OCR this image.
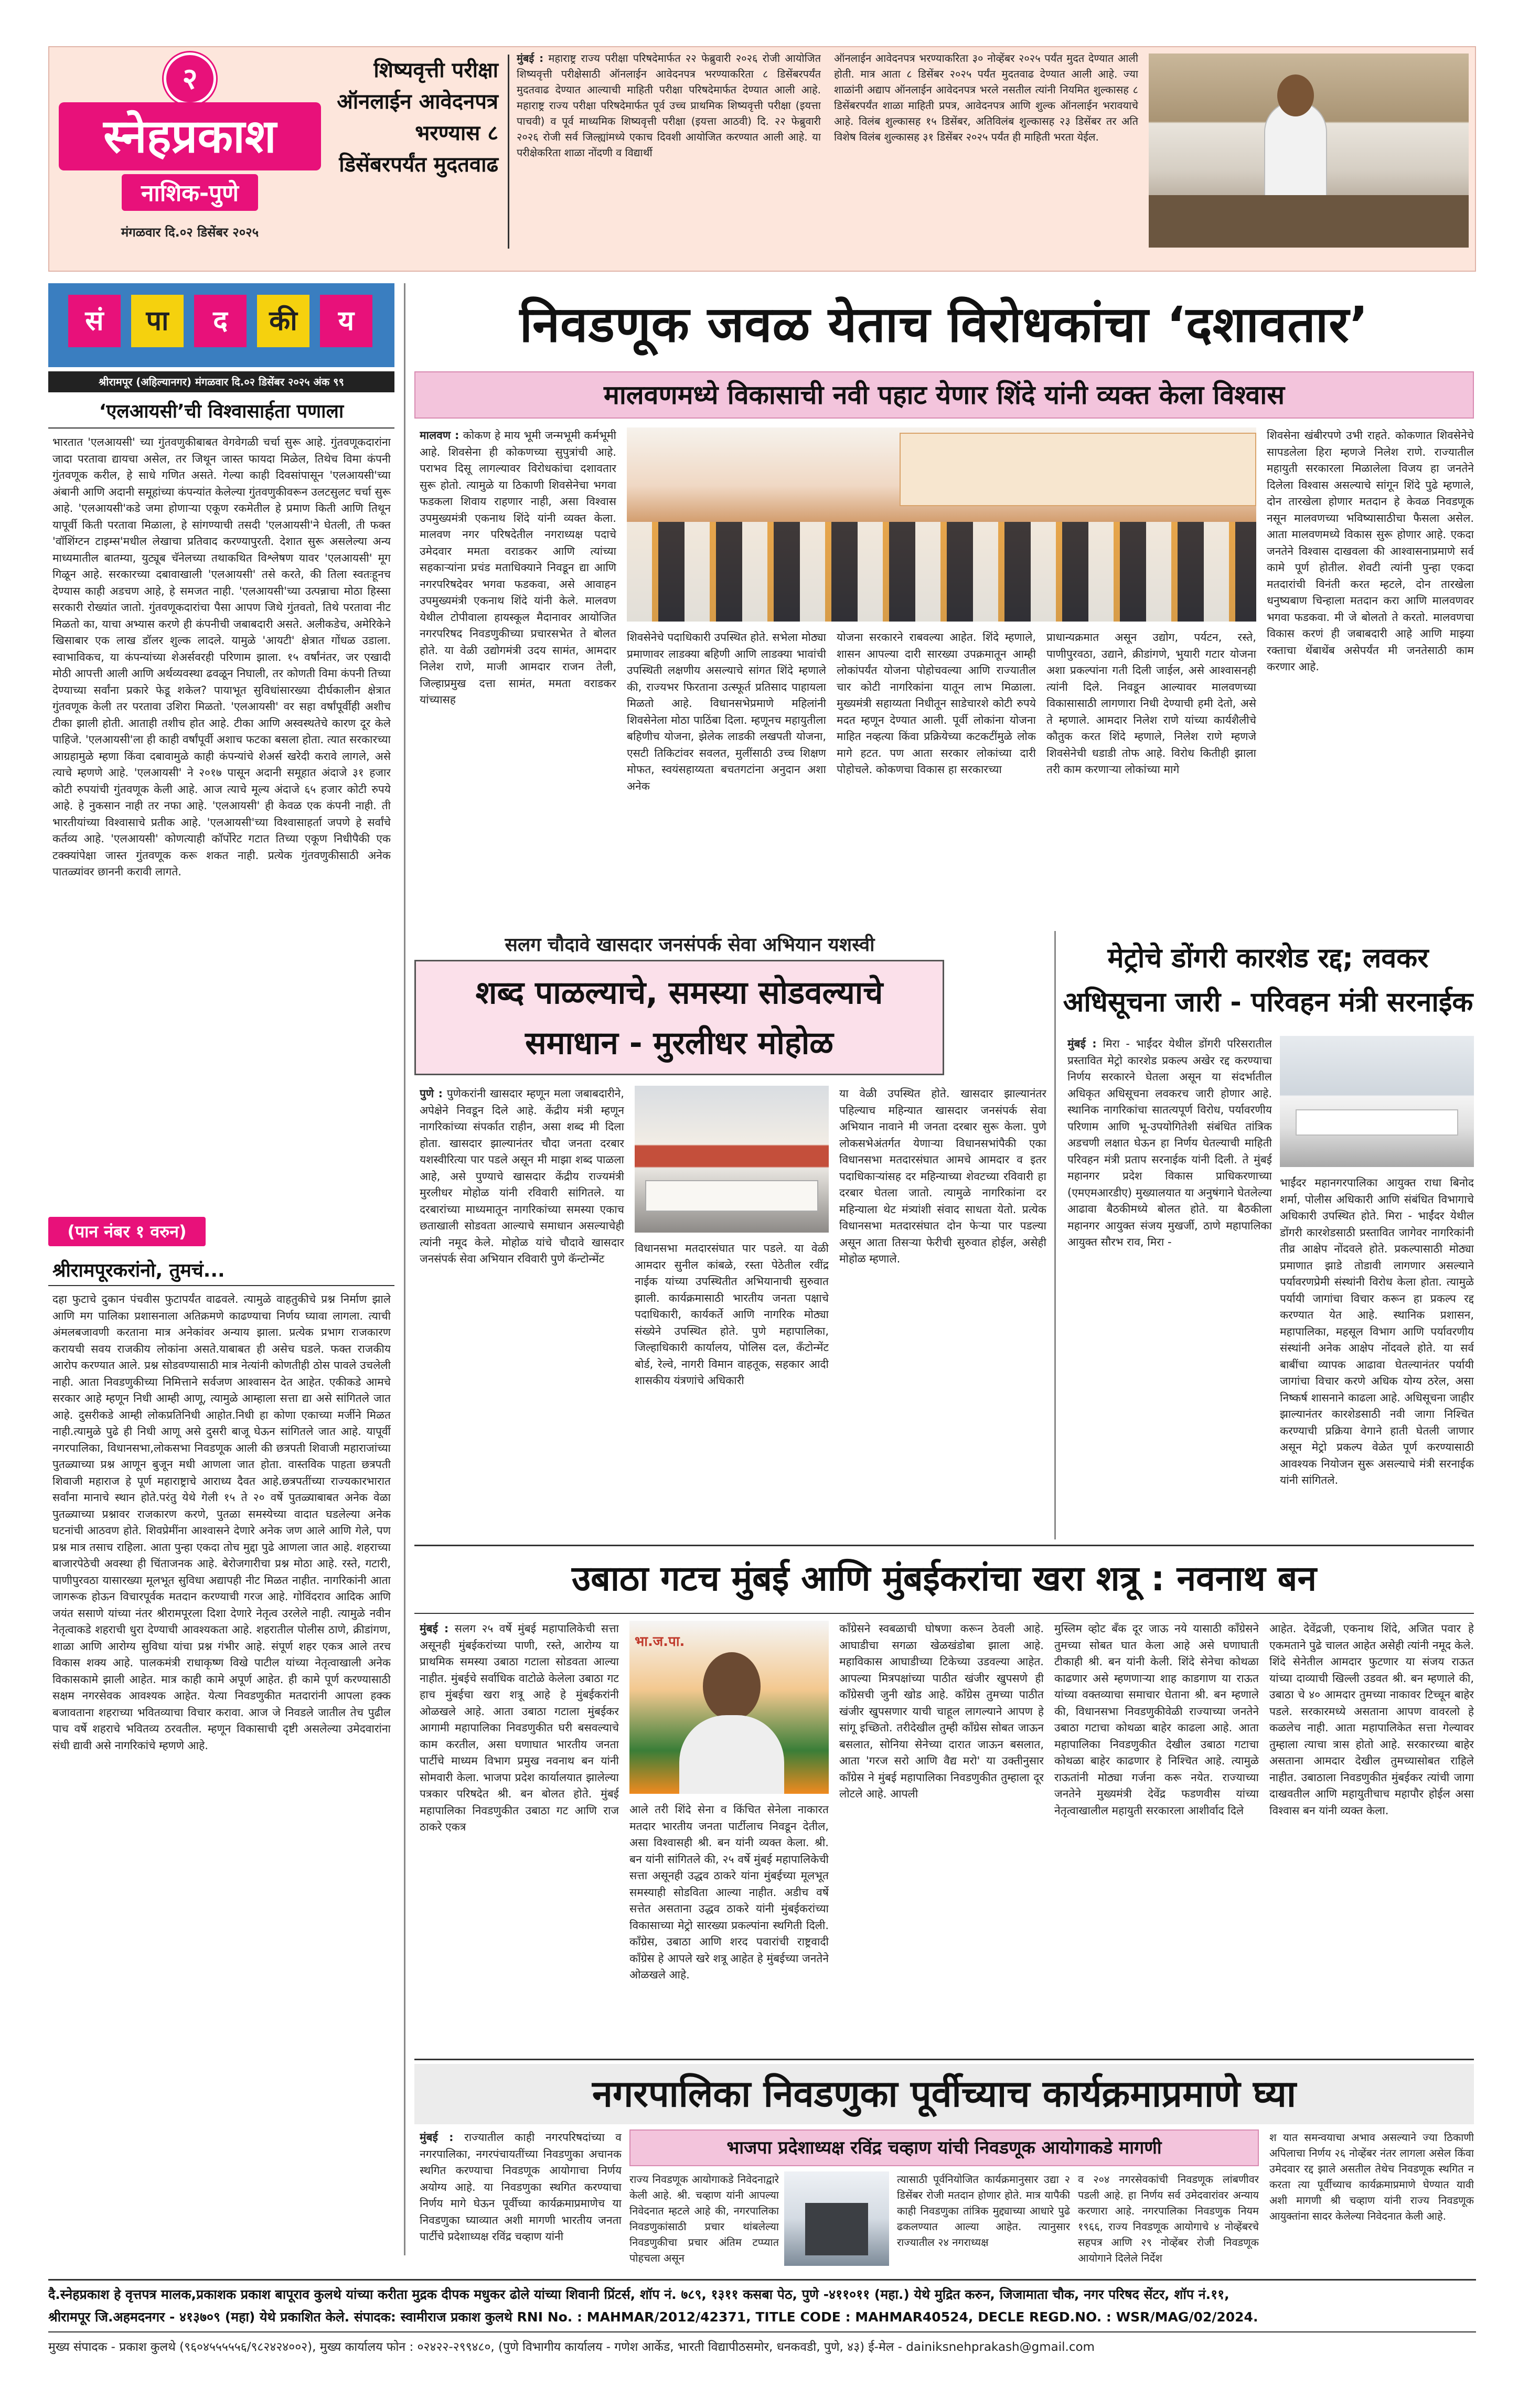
२
स्नेहप्रकाश
नाशिक-पुणे
मंगळवार दि.०२ डिसेंबर २०२५
शिष्यवृत्ती परीक्षा ऑनलाईन आवेदनपत्र भरण्यास ८ डिसेंबरपर्यंत मुदतवाढ
मुंबई : महाराष्ट्र राज्य परीक्षा परिषदेमार्फत २२ फेब्रुवारी २०२६ रोजी आयोजित शिष्यवृत्ती परीक्षेसाठी ऑनलाईन आवेदनपत्र भरण्याकरिता ८ डिसेंबरपर्यंत मुदतवाढ देण्यात आल्याची माहिती परीक्षा परिषदेमार्फत देण्यात आली आहे. महाराष्ट्र राज्य परीक्षा परिषदेमार्फत पूर्व उच्च प्राथमिक शिष्यवृत्ती परीक्षा (इयत्ता पाचवी) व पूर्व माध्यमिक शिष्यवृत्ती परीक्षा (इयत्ता आठवी) दि. २२ फेब्रुवारी २०२६ रोजी सर्व जिल्ह्यांमध्ये एकाच दिवशी आयोजित करण्यात आली आहे. या परीक्षेकरिता शाळा नोंदणी व विद्यार्थी
ऑनलाईन आवेदनपत्र भरण्याकरिता ३० नोव्हेंबर २०२५ पर्यंत मुदत देण्यात आली होती. मात्र आता ८ डिसेंबर २०२५ पर्यंत मुदतवाढ देण्यात आली आहे. ज्या शाळांनी अद्याप ऑनलाईन आवेदनपत्र भरले नसतील त्यांनी नियमित शुल्कासह ८ डिसेंबरपर्यंत शाळा माहिती प्रपत्र, आवेदनपत्र आणि शुल्क ऑनलाईन भरावयाचे आहे. विलंब शुल्कासह १५ डिसेंबर, अतिविलंब शुल्कासह २३ डिसेंबर तर अति विशेष विलंब शुल्कासह ३१ डिसेंबर २०२५ पर्यंत ही माहिती भरता येईल.
सं	पा	द	की	य
श्रीरामपूर (अहिल्यानगर) मंगळवार दि.०२ डिसेंबर २०२५ अंक ९९
‘एलआयसी’ची विश्वासार्हता पणाला
भारतात 'एलआयसी' च्या गुंतवणुकीबाबत वेगवेगळी चर्चा सुरू आहे. गुंतवणूकदारांना जादा परतावा द्यायचा असेल, तर जिथून जास्त फायदा मिळेल, तिथेच विमा कंपनी गुंतवणूक करील, हे साधे गणित असते. गेल्या काही दिवसांपासून 'एलआयसी'च्या अंबानी आणि अदानी समूहांच्या कंपन्यांत केलेल्या गुंतवणुकीवरून उलटसुलट चर्चा सुरू आहे. 'एलआयसी'कडे जमा होणाऱ्या एकूण रकमेतील हे प्रमाण किती आणि तिथून यापूर्वी किती परतावा मिळाला, हे सांगण्याची तसदी 'एलआयसी'ने घेतली, ती फक्त 'वॉशिंग्टन टाइम्स'मधील लेखाचा प्रतिवाद करण्यापुरती. देशात सुरू असलेल्या अन्य माध्यमातील बातम्या, युट्यूब चॅनेलच्या तथाकथित विश्लेषण यावर 'एलआयसी' मूग गिळून आहे. सरकारच्या दबावाखाली 'एलआयसी' तसे करते, की तिला स्वतःहूनच देण्यास काही अडचण आहे, हे समजत नाही. 'एलआयसी'च्या उत्पन्नाचा मोठा हिस्सा सरकारी रोख्यांत जातो. गुंतवणूकदारांचा पैसा आपण जिथे गुंतवतो, तिथे परतावा नीट मिळतो का, याचा अभ्यास करणे ही कंपनीची जबाबदारी असते. अलीकडेच, अमेरिकेने खिसाबार एक लाख डॉलर शुल्क लादले. यामुळे 'आयटी' क्षेत्रात गोंधळ उडाला. स्वाभाविकच, या कंपन्यांच्या शेअर्सवरही परिणाम झाला. १५ वर्षांनंतर, जर एखादी मोठी आपत्ती आली आणि अर्थव्यवस्था ढवळून निघाली, तर कोणती विमा कंपनी तिच्या देण्याच्या सर्वांना प्रकारे फेडू शकेल? पायाभूत सुविधांसारख्या दीर्घकालीन क्षेत्रात गुंतवणूक केली तर परतावा उशिरा मिळतो. 'एलआयसी' वर सहा वर्षांपूर्वीही अशीच टीका झाली होती. आताही तशीच होत आहे. टीका आणि अस्वस्थतेचे कारण दूर केले पाहिजे. 'एलआयसी'ला ही काही वर्षांपूर्वी अशाच फटका बसला होता. त्यात सरकारच्या आग्रहामुळे म्हणा किंवा दबावामुळे काही कंपन्यांचे शेअर्स खरेदी करावे लागले, असे त्याचे म्हणणे आहे. 'एलआयसी' ने २०१७ पासून अदानी समूहात अंदाजे ३१ हजार कोटी रुपयांची गुंतवणूक केली आहे. आज त्याचे मूल्य अंदाजे ६५ हजार कोटी रुपये आहे. हे नुकसान नाही तर नफा आहे. 'एलआयसी' ही केवळ एक कंपनी नाही. ती भारतीयांच्या विश्वासाचे प्रतीक आहे. 'एलआयसी'च्या विश्वासाहर्ता जपणे हे सर्वांचे कर्तव्य आहे. 'एलआयसी' कोणत्याही कॉर्पोरेट गटात तिच्या एकूण निधीपैकी एक टक्क्यांपेक्षा जास्त गुंतवणूक करू शकत नाही. प्रत्येक गुंतवणुकीसाठी अनेक पातळ्यांवर छाननी करावी लागते.
(पान नंबर १ वरुन)
श्रीरामपूरकरांनो, तुमचं...
दहा फुटाचे दुकान पंचवीस फुटापर्यंत वाढवले. त्यामुळे वाहतुकीचे प्रश्न निर्माण झाले आणि मग पालिका प्रशासनाला अतिक्रमणे काढण्याचा निर्णय घ्यावा लागला. त्याची अंमलबजावणी करताना मात्र अनेकांवर अन्याय झाला. प्रत्येक प्रभाग राजकारण करायची सवय राजकीय लोकांना असते.याबाबत ही असेच घडले. फक्त राजकीय आरोप करण्यात आले. प्रश्न सोडवण्यासाठी मात्र नेत्यांनी कोणतीही ठोस पावले उचलेली नाही. आता निवडणुकीच्या निमित्ताने सर्वजण आश्वासन देत आहेत. एकीकडे आमचे सरकार आहे म्हणून निधी आम्ही आणू, त्यामुळे आम्हाला सत्ता द्या असे सांगितले जात आहे. दुसरीकडे आम्ही लोकप्रतिनिधी आहोत.निधी हा कोणा एकाच्या मर्जीने मिळत नाही.त्यामुळे पुढे ही निधी आणू असे दुसरी बाजू घेऊन सांगितले जात आहे. यापूर्वी नगरपालिका, विधानसभा,लोकसभा निवडणूक आली की छत्रपती शिवाजी महाराजांच्या पुतळ्याच्या प्रश्न आणून बुजून मधी आणला जात होता. वास्तविक पाहता छत्रपती शिवाजी महाराज हे पूर्ण महाराष्ट्राचे आराध्य दैवत आहे.छत्रपतींच्या राज्यकारभारात सर्वांना मानाचे स्थान होते.परंतु येथे गेली १५ ते २० वर्षे पुतळ्याबाबत अनेक वेळा पुतळ्याच्या प्रश्नावर राजकारण करणे, पुतळा समस्येच्या वादात घडलेल्या अनेक घटनांची आठवण होते. शिवप्रेमींना आश्वासने देणारे अनेक जण आले आणि गेले, पण प्रश्न मात्र तसाच राहिला. आता पुन्हा एकदा तोच मुद्दा पुढे आणला जात आहे. शहराच्या बाजारपेठेची अवस्था ही चिंताजनक आहे. बेरोजगारीचा प्रश्न मोठा आहे. रस्ते, गटारी, पाणीपुरवठा यासारख्या मूलभूत सुविधा अद्यापही नीट मिळत नाहीत. नागरिकांनी आता जागरूक होऊन विचारपूर्वक मतदान करण्याची गरज आहे. गोविंदराव आदिक आणि जयंत ससाणे यांच्या नंतर श्रीरामपूरला दिशा देणारे नेतृत्व उरलेले नाही. त्यामुळे नवीन नेतृत्वाकडे शहराची धुरा देण्याची आवश्यकता आहे. शहरातील पोलीस ठाणे, क्रीडांगण, शाळा आणि आरोग्य सुविधा यांचा प्रश्न गंभीर आहे. संपूर्ण शहर एकत्र आले तरच विकास शक्य आहे. पालकमंत्री राधाकृष्ण विखे पाटील यांच्या नेतृत्वाखाली अनेक विकासकामे झाली आहेत. मात्र काही कामे अपूर्ण आहेत. ही कामे पूर्ण करण्यासाठी सक्षम नगरसेवक आवश्यक आहेत. येत्या निवडणुकीत मतदारांनी आपला हक्क बजावताना शहराच्या भवितव्याचा विचार करावा. आज जे निवडले जातील तेच पुढील पाच वर्षे शहराचे भवितव्य ठरवतील. म्हणून विकासाची दृष्टी असलेल्या उमेदवारांना संधी द्यावी असे नागरिकांचे म्हणणे आहे.
निवडणूक जवळ येताच विरोधकांचा ‘दशावतार’
मालवणमध्ये विकासाची नवी पहाट येणार शिंदे यांनी व्यक्त केला विश्वास
मालवण : कोकण हे माय भूमी जन्मभूमी कर्मभूमी आहे. शिवसेना ही कोकणच्या सुपुत्रांची आहे. पराभव दिसू लागल्यावर विरोधकांचा दशावतार सुरू होतो. त्यामुळे या ठिकाणी शिवसेनेचा भगवा फडकला शिवाय राहणार नाही, असा विश्वास उपमुख्यमंत्री एकनाथ शिंदे यांनी व्यक्त केला. मालवण नगर परिषदेतील नगराध्यक्ष पदाचे उमेदवार ममता वराडकर आणि त्यांच्या सहकाऱ्यांना प्रचंड मताधिक्याने निवडून द्या आणि नगरपरिषदेवर भगवा फडकवा, असे आवाहन उपमुख्यमंत्री एकनाथ शिंदे यांनी केले. मालवण येथील टोपीवाला हायस्कूल मैदानावर आयोजित नगरपरिषद निवडणुकीच्या प्रचारसभेत ते बोलत होते. या वेळी उद्योगमंत्री उदय सामंत, आमदार निलेश राणे, माजी आमदार राजन तेली, जिल्हाप्रमुख दत्ता सामंत, ममता वराडकर यांच्यासह
शिवसेनेचे पदाधिकारी उपस्थित होते. सभेला मोठ्या प्रमाणावर लाडक्या बहिणी आणि लाडक्या भावांची उपस्थिती लक्षणीय असल्याचे सांगत शिंदे म्हणाले की, राज्यभर फिरताना उत्स्फूर्त प्रतिसाद पाहायला मिळतो आहे. विधानसभेप्रमाणे महिलांनी शिवसेनेला मोठा पाठिंबा दिला. म्हणूनच महायुतीला बहिणीच योजना, झेलेक लाडकी लखपती योजना, एसटी तिकिटांवर सवलत, मुलींसाठी उच्च शिक्षण मोफत, स्वयंसहाय्यता बचतगटांना अनुदान अशा अनेक
योजना सरकारने राबवल्या आहेत. शिंदे म्हणाले, शासन आपल्या दारी सारख्या उपक्रमातून आम्ही लोकांपर्यंत योजना पोहोचवल्या आणि राज्यातील चार कोटी नागरिकांना यातून लाभ मिळाला. मुख्यमंत्री सहाय्यता निधीतून साडेचारशे कोटी रुपये मदत म्हणून देण्यात आली. पूर्वी लोकांना योजना माहित नव्हत्या किंवा प्रक्रियेच्या कटकटींमुळे लोक मागे हटत. पण आता सरकार लोकांच्या दारी पोहोचले. कोकणचा विकास हा सरकारच्या
प्राधान्यक्रमात असून उद्योग, पर्यटन, रस्ते, पाणीपुरवठा, उद्याने, क्रीडांगणे, भुयारी गटार योजना अशा प्रकल्पांना गती दिली जाईल, असे आश्वासनही त्यांनी दिले. निवडून आल्यावर मालवणच्या विकासासाठी लागणारा निधी देण्याची हमी देतो, असे ते म्हणाले. आमदार निलेश राणे यांच्या कार्यशैलीचे कौतुक करत शिंदे म्हणाले, निलेश राणे म्हणजे शिवसेनेची धडाडी तोफ आहे. विरोध कितीही झाला तरी काम करणाऱ्या लोकांच्या मागे
शिवसेना खंबीरपणे उभी राहते. कोकणात शिवसेनेचे सापडलेला हिरा म्हणजे निलेश राणे. राज्यातील महायुती सरकारला मिळालेला विजय हा जनतेने दिलेला विश्वास असल्याचे सांगून शिंदे पुढे म्हणाले, दोन तारखेला होणार मतदान हे केवळ निवडणूक नसून मालवणच्या भविष्यासाठीचा फैसला असेल. आता मालवणमध्ये विकास सुरू होणार आहे. एकदा जनतेने विश्वास दाखवला की आश्वासनाप्रमाणे सर्व कामे पूर्ण होतील. शेवटी त्यांनी पुन्हा एकदा मतदारांची विनंती करत म्हटले, दोन तारखेला धनुष्यबाण चिन्हाला मतदान करा आणि मालवणवर भगवा फडकवा. मी जे बोलतो ते करतो. मालवणचा विकास करणं ही जबाबदारी आहे आणि माझ्या रक्ताचा थेंबाथेंब असेपर्यंत मी जनतेसाठी काम करणार आहे.
सलग चौदावे खासदार जनसंपर्क सेवा अभियान यशस्वी
शब्द पाळल्याचे, समस्या सोडवल्याचे समाधान - मुरलीधर मोहोळ
पुणे : पुणेकरांनी खासदार म्हणून मला जबाबदारीने, अपेक्षेने निवडून दिले आहे. केंद्रीय मंत्री म्हणून नागरिकांच्या संपर्कात राहीन, असा शब्द मी दिला होता. खासदार झाल्यानंतर चौदा जनता दरबार यशस्वीरित्या पार पडले असून मी माझा शब्द पाळला आहे, असे पुण्याचे खासदार केंद्रीय राज्यमंत्री मुरलीधर मोहोळ यांनी रविवारी सांगितले. या दरबारांच्या माध्यमातून नागरिकांच्या समस्या एकाच छताखाली सोडवता आल्याचे समाधान असल्याचेही त्यांनी नमूद केले. मोहोळ यांचे चौदावे खासदार जनसंपर्क सेवा अभियान रविवारी पुणे कॅन्टोन्मेंट
विधानसभा मतदारसंघात पार पडले. या वेळी आमदार सुनील कांबळे, रस्ता पेठेतील रवींद्र नाईक यांच्या उपस्थितीत अभियानाची सुरुवात झाली. कार्यक्रमासाठी भारतीय जनता पक्षाचे पदाधिकारी, कार्यकर्ते आणि नागरिक मोठ्या संख्येने उपस्थित होते. पुणे महापालिका, जिल्हाधिकारी कार्यालय, पोलिस दल, कँटोन्मेंट बोर्ड, रेल्वे, नागरी विमान वाहतूक, सहकार आदी शासकीय यंत्रणांचे अधिकारी
या वेळी उपस्थित होते. खासदार झाल्यानंतर पहिल्याच महिन्यात खासदार जनसंपर्क सेवा अभियान नावाने मी जनता दरबार सुरू केला. पुणे लोकसभेअंतर्गत येणाऱ्या विधानसभांपैकी एका विधानसभा मतदारसंघात आमचे आमदार व इतर पदाधिकाऱ्यांसह दर महिन्याच्या शेवटच्या रविवारी हा दरबार घेतला जातो. त्यामुळे नागरिकांना दर महिन्याला थेट मंत्र्यांशी संवाद साधता येतो. प्रत्येक विधानसभा मतदारसंघात दोन फेऱ्या पार पडल्या असून आता तिसऱ्या फेरीची सुरुवात होईल, असेही मोहोळ म्हणाले.
मेट्रोचे डोंगरी कारशेड रद्द; लवकर अधिसूचना जारी - परिवहन मंत्री सरनाईक
मुंबई : मिरा - भाईंदर येथील डोंगरी परिसरातील प्रस्तावित मेट्रो कारशेड प्रकल्प अखेर रद्द करण्याचा निर्णय सरकारने घेतला असून या संदर्भातील अधिकृत अधिसूचना लवकरच जारी होणार आहे. स्थानिक नागरिकांचा सातत्यपूर्ण विरोध, पर्यावरणीय परिणाम आणि भू-उपयोगितेशी संबंधित तांत्रिक अडचणी लक्षात घेऊन हा निर्णय घेतल्याची माहिती परिवहन मंत्री प्रताप सरनाईक यांनी दिली. ते मुंबई महानगर प्रदेश विकास प्राधिकरणाच्या (एमएमआरडीए) मुख्यालयात या अनुषंगाने घेतलेल्या आढावा बैठकीमध्ये बोलत होते. या बैठकीला महानगर आयुक्त संजय मुखर्जी, ठाणे महापालिका आयुक्त सौरभ राव, मिरा -
भाईंदर महानगरपालिका आयुक्त राधा बिनोद शर्मा, पोलीस अधिकारी आणि संबंधित विभागाचे अधिकारी उपस्थित होते. मिरा - भाईंदर येथील डोंगरी कारशेडसाठी प्रस्तावित जागेवर नागरिकांनी तीव्र आक्षेप नोंदवले होते. प्रकल्पासाठी मोठ्या प्रमाणात झाडे तोडावी लागणार असल्याने पर्यावरणप्रेमी संस्थांनी विरोध केला होता. त्यामुळे पर्यायी जागांचा विचार करून हा प्रकल्प रद्द करण्यात येत आहे. स्थानिक प्रशासन, महापालिका, महसूल विभाग आणि पर्यावरणीय संस्थांनी अनेक आक्षेप नोंदवले होते. या सर्व बाबींचा व्यापक आढावा घेतल्यानंतर पर्यायी जागांचा विचार करणे अधिक योग्य ठरेल, असा निष्कर्ष शासनाने काढला आहे. अधिसूचना जाहीर झाल्यानंतर कारशेडसाठी नवी जागा निश्चित करण्याची प्रक्रिया वेगाने हाती घेतली जाणार असून मेट्रो प्रकल्प वेळेत पूर्ण करण्यासाठी आवश्यक नियोजन सुरू असल्याचे मंत्री सरनाईक यांनी सांगितले.
उबाठा गटच मुंबई आणि मुंबईकरांचा खरा शत्रू : नवनाथ बन
मुंबई : सलग २५ वर्षे मुंबई महापालिकेची सत्ता असूनही मुंबईकरांच्या पाणी, रस्ते, आरोग्य या प्राथमिक समस्या उबाठा गटाला सोडवता आल्या नाहीत. मुंबईचे सर्वाधिक वाटोळे केलेला उबाठा गट हाच मुंबईचा खरा शत्रू आहे हे मुंबईकरांनी ओळखले आहे. आता उबाठा गटाला मुंबईकर आगामी महापालिका निवडणुकीत घरी बसवल्याचे काम करतील, असा घणाघात भारतीय जनता पार्टीचे माध्यम विभाग प्रमुख नवनाथ बन यांनी सोमवारी केला. भाजपा प्रदेश कार्यालयात झालेल्या पत्रकार परिषदेत श्री. बन बोलत होते. मुंबई महापालिका निवडणुकीत उबाठा गट आणि राज ठाकरे एकत्र
भा.ज.पा.
आले तरी शिंदे सेना व किंचित सेनेला नाकारत मतदार भारतीय जनता पार्टीलाच निवडून देतील, असा विश्वासही श्री. बन यांनी व्यक्त केला. श्री. बन यांनी सांगितले की, २५ वर्षे मुंबई महापालिकेची सत्ता असूनही उद्धव ठाकरे यांना मुंबईच्या मूलभूत समस्याही सोडविता आल्या नाहीत. अडीच वर्षे सत्तेत असताना उद्धव ठाकरे यांनी मुंबईकरांच्या विकासाच्या मेट्रो सारख्या प्रकल्पांना स्थगिती दिली. काँग्रेस, उबाठा आणि शरद पवारांची राष्ट्रवादी काँग्रेस हे आपले खरे शत्रू आहेत हे मुंबईच्या जनतेने ओळखले आहे.
काँग्रेसने स्वबळाची घोषणा करून ठेवली आहे. आघाडीचा सगळा खेळखंडोबा झाला आहे. महाविकास आघाडीच्या टिकेच्या उडवल्या आहेत. आपल्या मित्रपक्षांच्या पाठीत खंजीर खुपसणे ही काँग्रेसची जुनी खोड आहे. काँग्रेस तुमच्या पाठीत खंजीर खुपसणार याची चाहूल लागल्याने आपण हे सांगू इच्छितो. तरीदेखील तुम्ही काँग्रेस सोबत जाऊन बसलात, सोनिया सेनेच्या दारात जाऊन बसलात, आता 'गरज सरो आणि वैद्य मरो' या उक्तीनुसार काँग्रेस ने मुंबई महापालिका निवडणुकीत तुम्हाला दूर लोटले आहे. आपली
मुस्लिम व्होट बँक दूर जाऊ नये यासाठी काँग्रेसने तुमच्या सोबत घात केला आहे असे घणाघाती टीकाही श्री. बन यांनी केली. शिंदे सेनेचा कोथळा काढणार असे म्हणणाऱ्या शाह काडगाण या राऊत यांच्या वक्तव्याचा समाचार घेताना श्री. बन म्हणाले की, विधानसभा निवडणुकीवेळी राज्याच्या जनतेने उबाठा गटाचा कोथळा बाहेर काढला आहे. आता महापालिका निवडणुकीत देखील उबाठा गटाचा कोथळा बाहेर काढणार हे निश्चित आहे. त्यामुळे राऊतांनी मोठ्या गर्जना करू नयेत. राज्याच्या जनतेने मुख्यमंत्री देवेंद्र फडणवीस यांच्या नेतृत्वाखालील महायुती सरकारला आशीर्वाद दिले
आहेत. देवेंद्रजी, एकनाथ शिंदे, अजित पवार हे एकमताने पुढे चालत आहेत असेही त्यांनी नमूद केले. शिंदे सेनेतील आमदार फुटणार या संजय राऊत यांच्या दाव्याची खिल्ली उडवत श्री. बन म्हणाले की, उबाठा चे ४० आमदार तुमच्या नाकावर टिच्चून बाहेर पडले. सरकारमध्ये असताना आपण वावरलो हे कळलेच नाही. आता महापालिकेत सत्ता गेल्यावर तुम्हाला त्याचा त्रास होतो आहे. सरकारच्या बाहेर असताना आमदार देखील तुमच्यासोबत राहिले नाहीत. उबाठाला निवडणुकीत मुंबईकर त्यांची जागा दाखवतील आणि महायुतीचाच महापौर होईल असा विश्वास बन यांनी व्यक्त केला.
नगरपालिका निवडणुका पूर्वीच्याच कार्यक्रमाप्रमाणे घ्या
मुंबई : राज्यातील काही नगरपरिषदांच्या व नगरपालिका, नगरपंचायतींच्या निवडणुका अचानक स्थगित करण्याचा निवडणूक आयोगाचा निर्णय अयोग्य आहे. या निवडणुका स्थगित करण्याचा निर्णय मागे घेऊन पूर्वीच्या कार्यक्रमाप्रमाणेच या निवडणुका घ्याव्यात अशी मागणी भारतीय जनता पार्टीचे प्रदेशाध्यक्ष रविंद्र चव्हाण यांनी
भाजपा प्रदेशाध्यक्ष रविंद्र चव्हाण यांची निवडणूक आयोगाकडे मागणी
राज्य निवडणूक आयोगाकडे निवेदनाद्वारे केली आहे. श्री. चव्हाण यांनी आपल्या निवेदनात म्हटले आहे की, नगरपालिका निवडणुकांसाठी प्रचार थांबलेल्या निवडणुकीचा प्रचार अंतिम टप्प्यात पोहचला असून
त्यासाठी पूर्वनियोजित कार्यक्रमानुसार उद्या २ डिसेंबर रोजी मतदान होणार होते. मात्र यापैकी काही निवडणुका तांत्रिक मुद्द्याच्या आधारे पुढे ढकलण्यात आल्या आहेत. त्यानुसार राज्यातील २४ नगराध्यक्ष
व २०४ नगरसेवकांची निवडणूक लांबणीवर पडली आहे. हा निर्णय सर्व उमेदवारांवर अन्याय करणारा आहे. नगरपालिका निवडणुक नियम १९६६, राज्य निवडणूक आयोगाचे ४ नोव्हेंबरचे सहपत्र आणि २९ नोव्हेंबर रोजी निवडणूक आयोगाने दिलेले निर्देश
श यात समन्वयाचा अभाव असल्याने ज्या ठिकाणी अपिलाचा निर्णय २६ नोव्हेंबर नंतर लागला असेल किंवा उमेदवार रद्द झाले असतील तेथेच निवडणूक स्थगित न करता त्या पूर्वीच्याच कार्यक्रमाप्रमाणे घेण्यात यावी अशी मागणी श्री चव्हाण यांनी राज्य निवडणूक आयुक्तांना सादर केलेल्या निवेदनात केली आहे.
दै.स्नेहप्रकाश हे वृत्तपत्र मालक,प्रकाशक प्रकाश बापूराव कुलथे यांच्या करीता मुद्रक दीपक मधुकर ढोले यांच्या शिवानी प्रिंटर्स, शॉप नं. ७८९, १३११ कसबा पेठ, पुणे -४११०११ (महा.) येथे मुद्रित करुन, जिजामाता चौक, नगर परिषद सेंटर, शॉप नं.११,
श्रीरामपूर जि.अहमदनगर - ४१३७०९ (महा) येथे प्रकाशित केले. संपादक: स्वामीराज प्रकाश कुलथे RNI No. : MAHMAR/2012/42371, TITLE CODE : MAHMAR40524, DECLE REGD.NO. : WSR/MAG/02/2024.
मुख्य संपादक - प्रकाश कुलथे (९६०४५५५५५६/९८२४२४००२), मुख्य कार्यालय फोन : ०२४२२-२९९४८०, (पुणे विभागीय कार्यालय - गणेश आर्केड, भारती विद्यापीठसमोर, धनकवडी, पुणे, ४३) ई-मेल - dainiksnehprakash@gmail.com
